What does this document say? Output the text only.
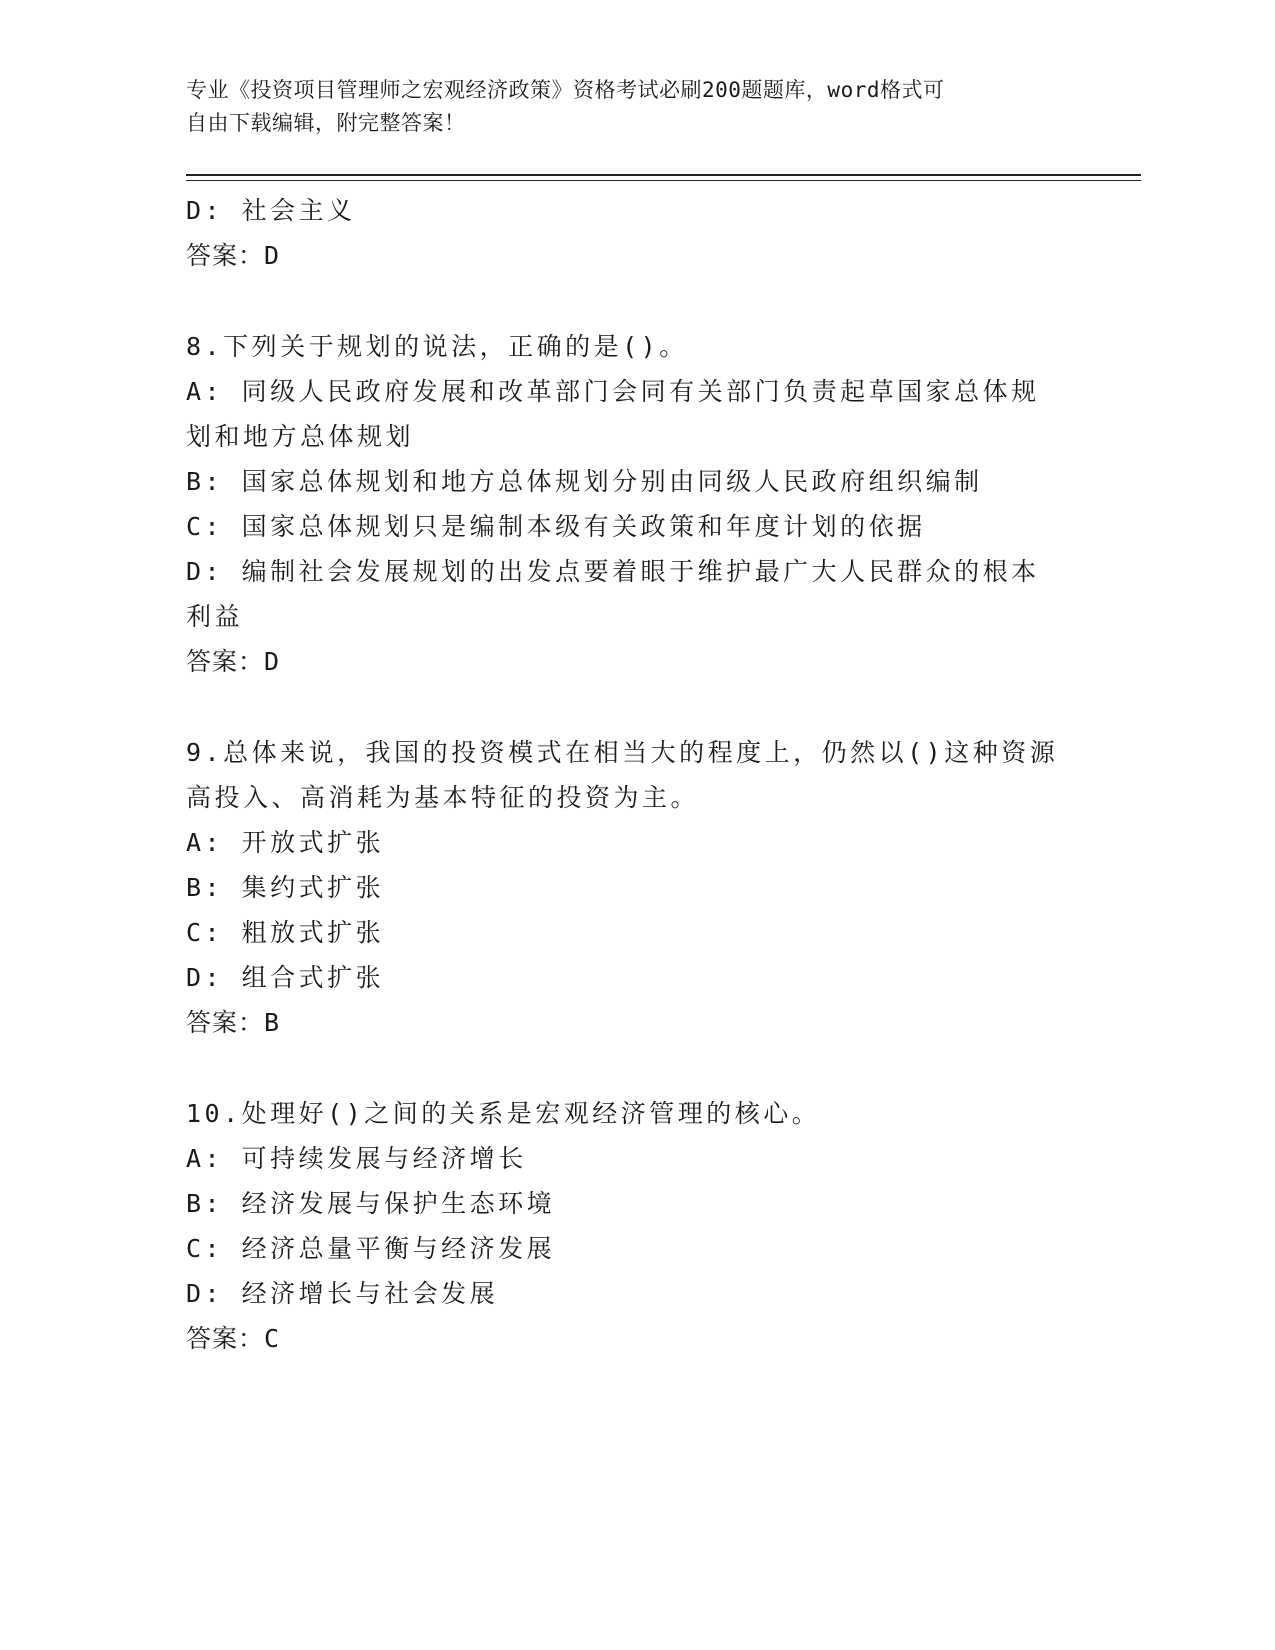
专业《投资项目管理师之宏观经济政策》资格考试必刷200题题库，word格式可
自由下载编辑，附完整答案！
D: 社会主义
答案：D
8.下列关于规划的说法，正确的是()。
A: 同级人民政府发展和改革部门会同有关部门负责起草国家总体规划和地方总体规划
B: 国家总体规划和地方总体规划分别由同级人民政府组织编制
C: 国家总体规划只是编制本级有关政策和年度计划的依据
D: 编制社会发展规划的出发点要着眼于维护最广大人民群众的根本利益
答案：D
9.总体来说，我国的投资模式在相当大的程度上，仍然以()这种资源高投入、高消耗为基本特征的投资为主。
A: 开放式扩张
B: 集约式扩张
C: 粗放式扩张
D: 组合式扩张
答案：B
10.处理好()之间的关系是宏观经济管理的核心。
A: 可持续发展与经济增长
B: 经济发展与保护生态环境
C: 经济总量平衡与经济发展
D: 经济增长与社会发展
答案：C
